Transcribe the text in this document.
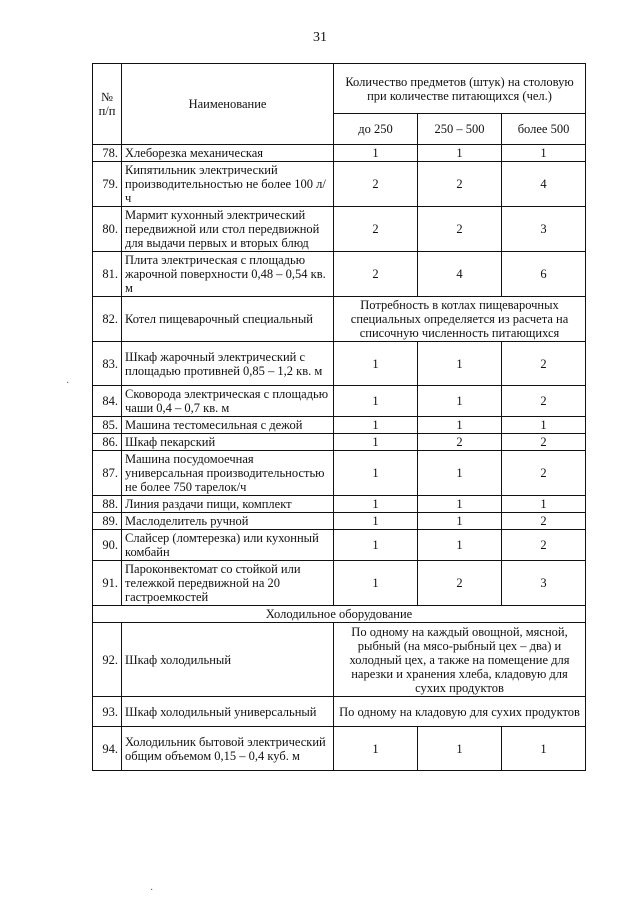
31
№ п/п	Наименование	Количество предметов (штук) на столовую при количестве питающихся (чел.)		
		до 250	250 – 500	более 500
78.	Хлеборезка механическая	1	1	1
79.	Кипятильник электрический производительностью не более 100 л/ч	2	2	4
80.	Мармит кухонный электрический передвижной или стол передвижной для выдачи первых и вторых блюд	2	2	3
81.	Плита электрическая с площадью жарочной поверхности 0,48 – 0,54 кв. м	2	4	6
82.	Котел пищеварочный специальный	Потребность в котлах пищеварочных специальных определяется из расчета на списочную численность питающихся		
83.	Шкаф жарочный электрический с площадью противней 0,85 – 1,2 кв. м	1	1	2
84.	Сковорода электрическая с площадью чаши 0,4 – 0,7 кв. м	1	1	2
85.	Машина тестомесильная с дежой	1	1	1
86.	Шкаф пекарский	1	2	2
87.	Машина посудомоечная универсальная производительностью не более 750 тарелок/ч	1	1	2
88.	Линия раздачи пищи, комплект	1	1	1
89.	Маслоделитель ручной	1	1	2
90.	Слайсер (ломтерезка) или кухонный комбайн	1	1	2
91.	Пароконвектомат со стойкой или тележкой передвижной на 20 гастроемкостей	1	2	3
Холодильное оборудование				
92.	Шкаф холодильный	По одному на каждый овощной, мясной, рыбный (на мясо-рыбный цех – два) и холодный цех, а также на помещение для нарезки и хранения хлеба, кладовую для сухих продуктов		
93.	Шкаф холодильный универсальный	По одному на кладовую для сухих продуктов		
94.	Холодильник бытовой электрический общим объемом 0,15 – 0,4 куб. м	1	1	1
·
·
